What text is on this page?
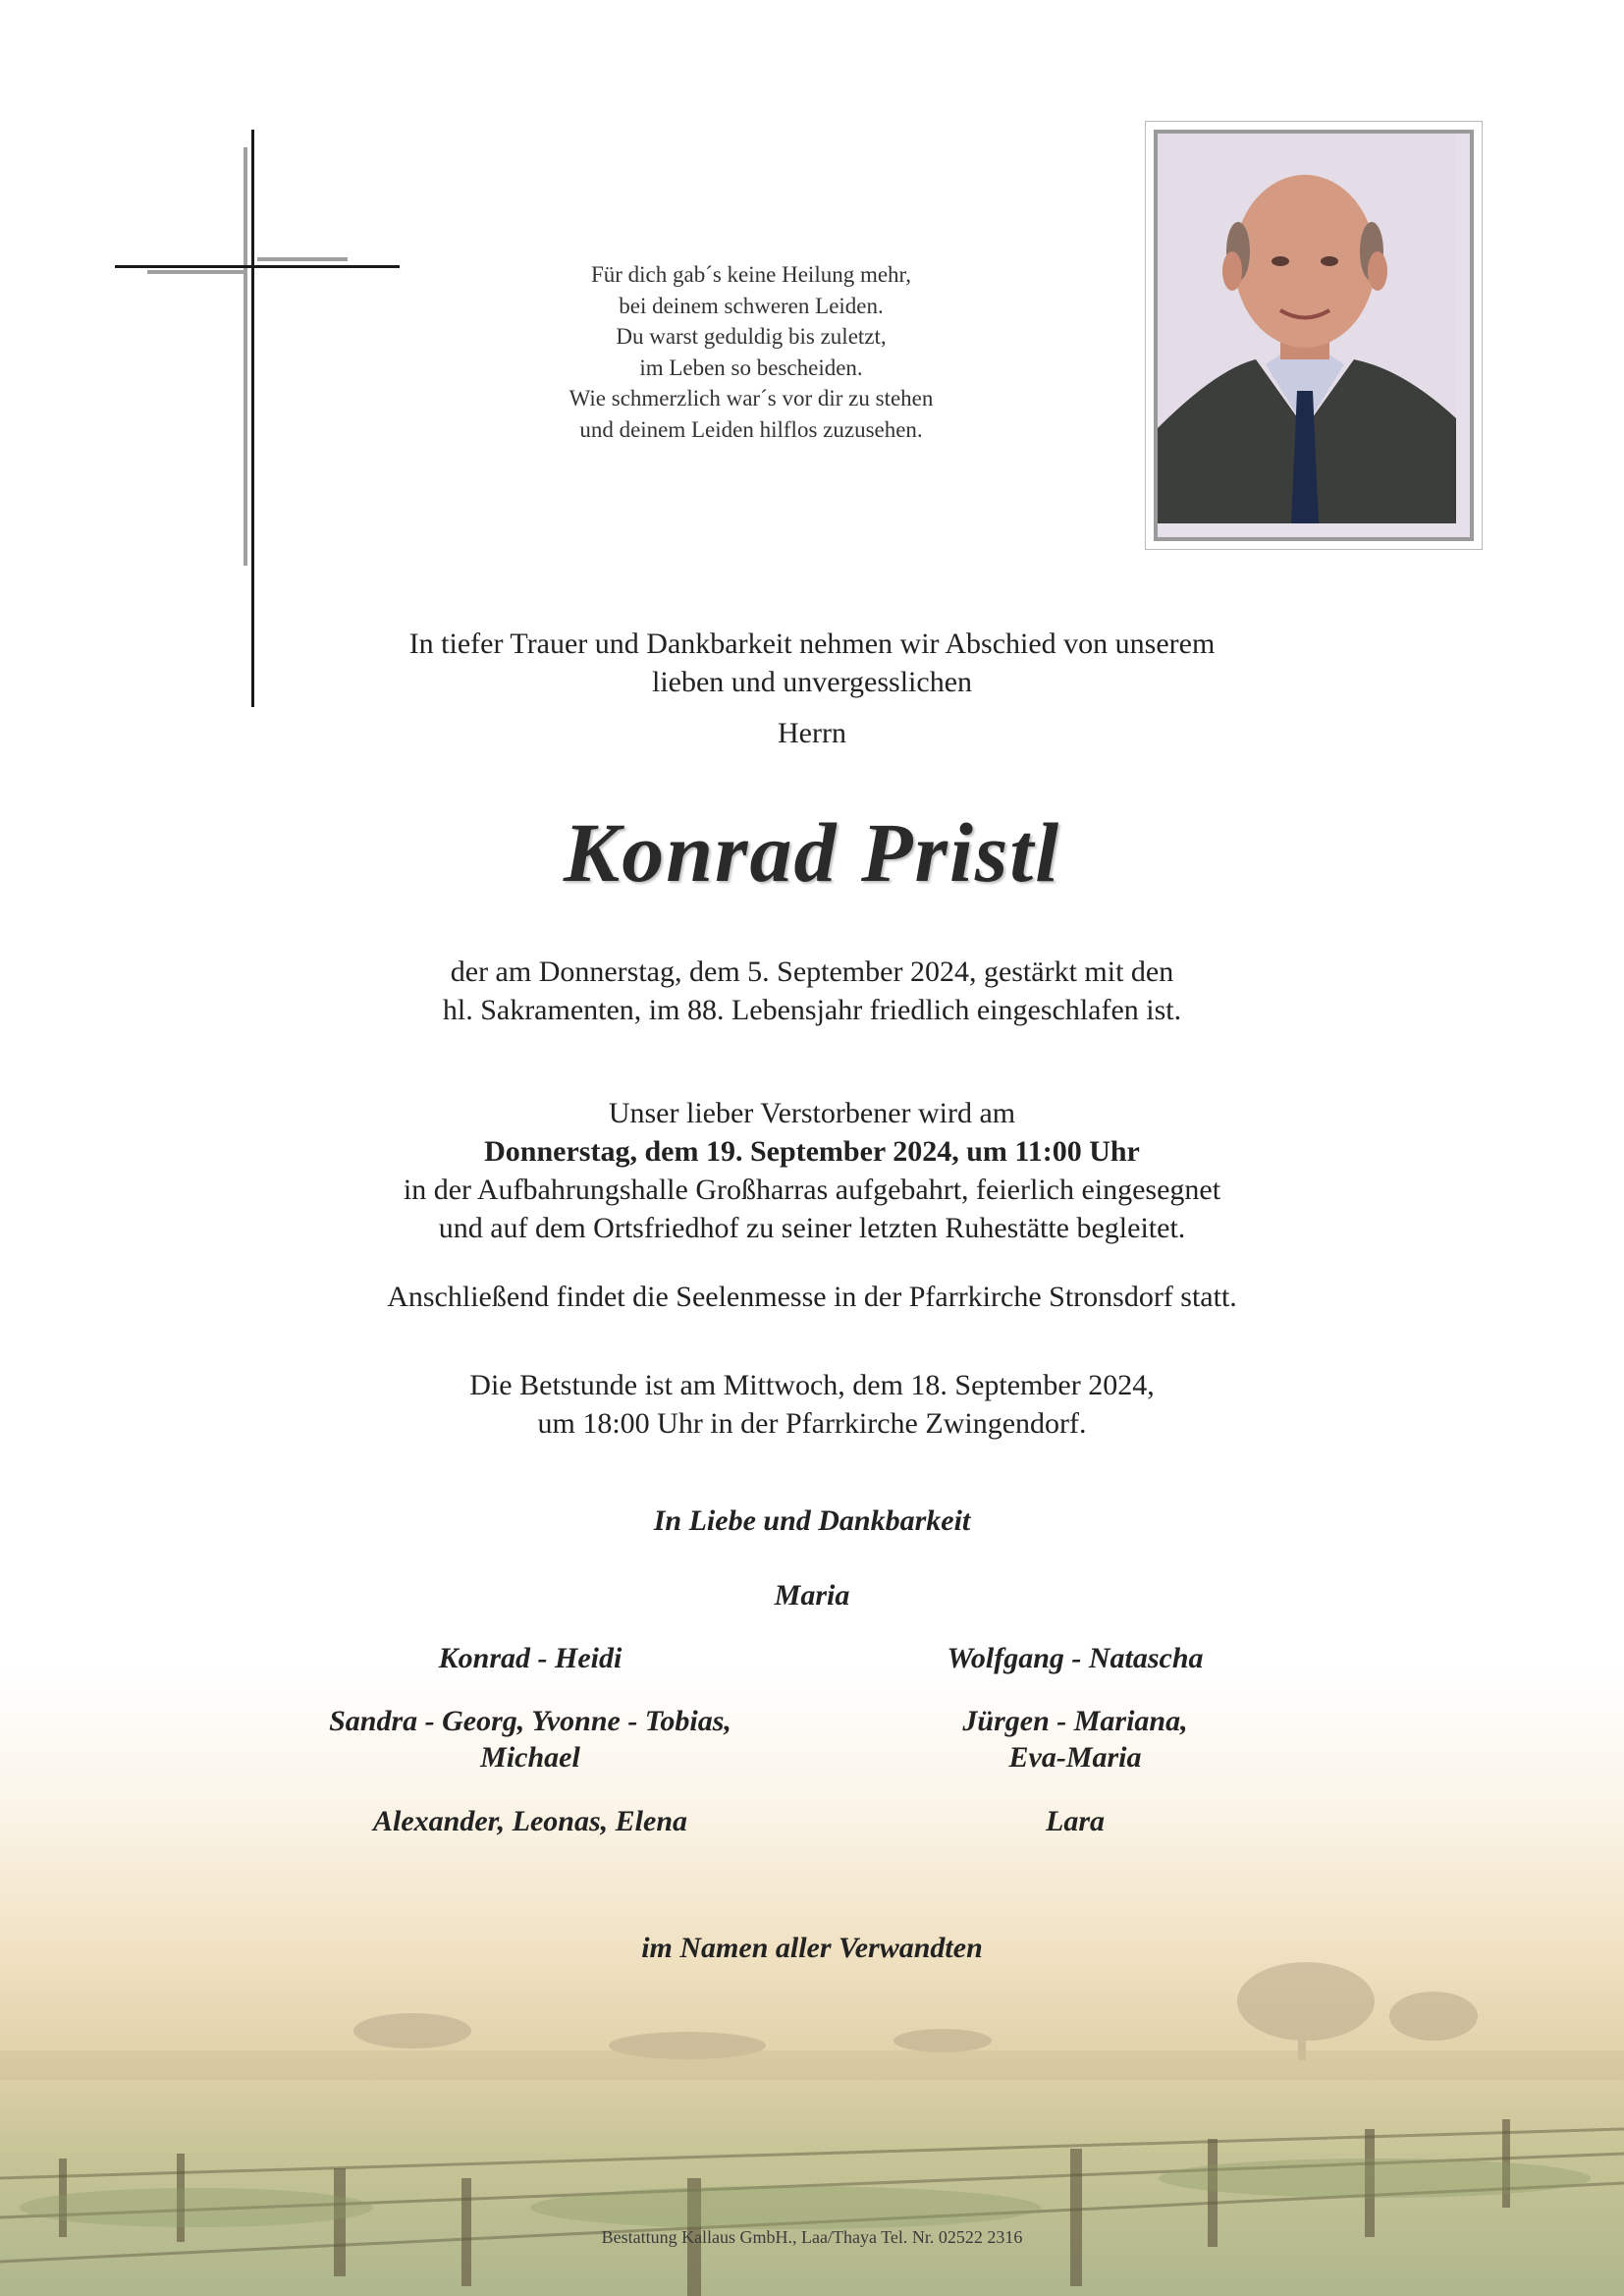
Für dich gab´s keine Heilung mehr,
bei deinem schweren Leiden.
Du warst geduldig bis zuletzt,
im Leben so bescheiden.
Wie schmerzlich war´s vor dir zu stehen
und deinem Leiden hilflos zuzusehen.
In tiefer Trauer und Dankbarkeit nehmen wir Abschied von unserem
lieben und unvergesslichen
Herrn
Konrad Pristl
der am Donnerstag, dem 5. September 2024, gestärkt mit den
hl. Sakramenten, im 88. Lebensjahr friedlich eingeschlafen ist.
Unser lieber Verstorbener wird am
Donnerstag, dem 19. September 2024, um 11:00 Uhr
in der Aufbahrungshalle Großharras aufgebahrt, feierlich eingesegnet
und auf dem Ortsfriedhof zu seiner letzten Ruhestätte begleitet.
Anschließend findet die Seelenmesse in der Pfarrkirche Stronsdorf statt.
Die Betstunde ist am Mittwoch, dem 18. September 2024,
um 18:00 Uhr in der Pfarrkirche Zwingendorf.
In Liebe und Dankbarkeit
Maria
Konrad - Heidi	Wolfgang - Natascha
Sandra - Georg, Yvonne - Tobias,
Michael
Jürgen - Mariana,
Eva-Maria
Alexander, Leonas, Elena	Lara
im Namen aller Verwandten
Bestattung Kallaus GmbH., Laa/Thaya Tel. Nr. 02522 2316
